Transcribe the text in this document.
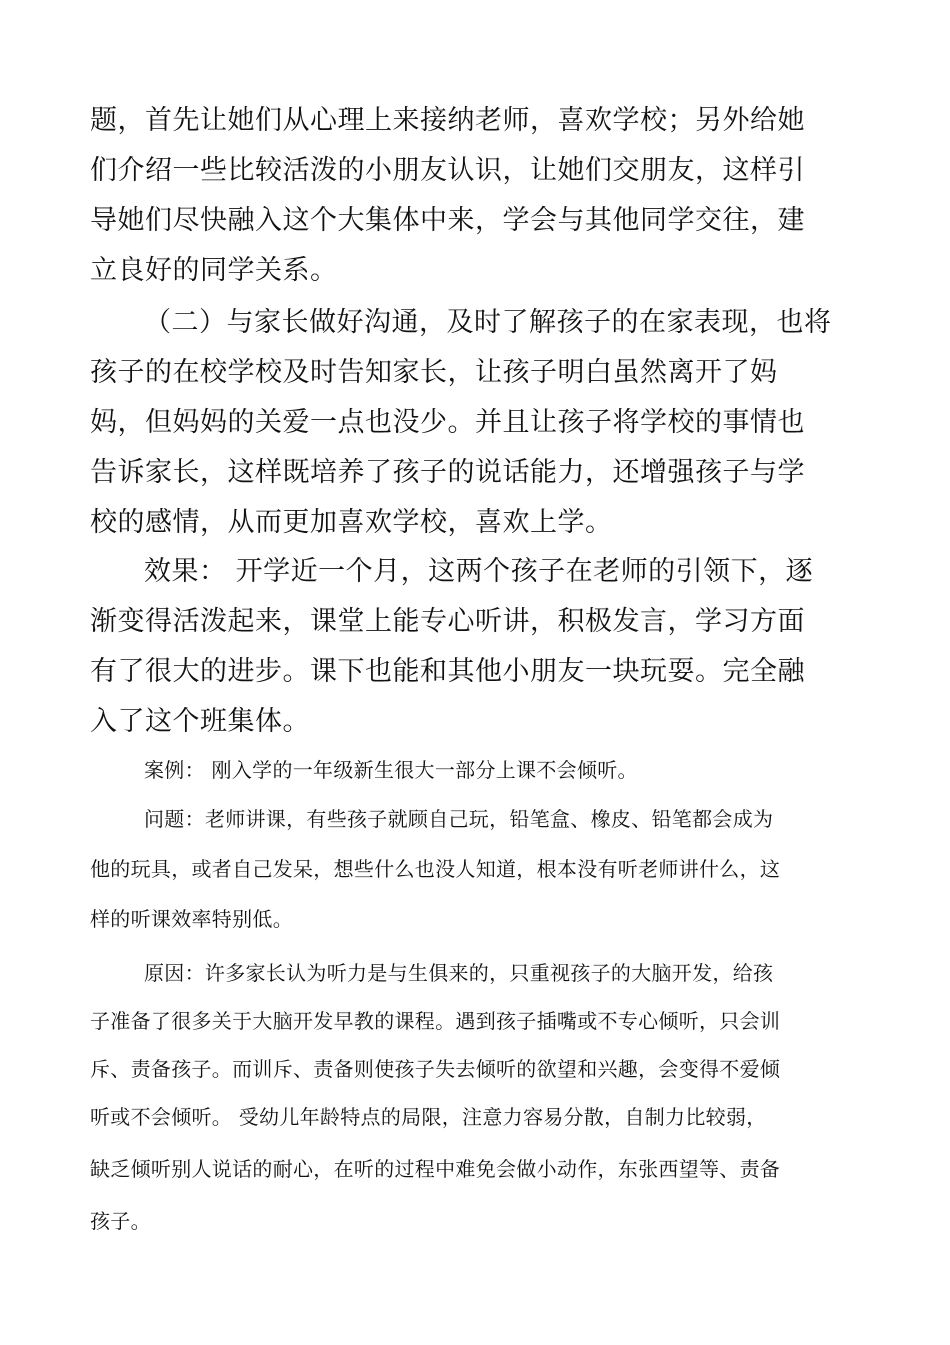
题，首先让她们从心理上来接纳老师，喜欢学校；另外给她

们介绍一些比较活泼的小朋友认识，让她们交朋友，这样引

导她们尽快融入这个大集体中来，学会与其他同学交往，建

立良好的同学关系。

（二）与家长做好沟通，及时了解孩子的在家表现，也将

孩子的在校学校及时告知家长，让孩子明白虽然离开了妈

妈，但妈妈的关爱一点也没少。并且让孩子将学校的事情也

告诉家长，这样既培养了孩子的说话能力，还增强孩子与学

校的感情，从而更加喜欢学校，喜欢上学。

效果： 开学近一个月，这两个孩子在老师的引领下，逐

渐变得活泼起来，课堂上能专心听讲，积极发言，学习方面

有了很大的进步。课下也能和其他小朋友一块玩耍。完全融

入了这个班集体。

案例： 刚入学的一年级新生很大一部分上课不会倾听。

问题：老师讲课，有些孩子就顾自己玩，铅笔盒、橡皮、铅笔都会成为

他的玩具，或者自己发呆，想些什么也没人知道，根本没有听老师讲什么，这

样的听课效率特别低。

原因：许多家长认为听力是与生俱来的，只重视孩子的大脑开发，给孩

子准备了很多关于大脑开发早教的课程。遇到孩子插嘴或不专心倾听，只会训

斥、责备孩子。而训斥、责备则使孩子失去倾听的欲望和兴趣，会变得不爱倾

听或不会倾听。 受幼儿年龄特点的局限，注意力容易分散，自制力比较弱，

缺乏倾听别人说话的耐心，在听的过程中难免会做小动作，东张西望等、责备

孩子。
